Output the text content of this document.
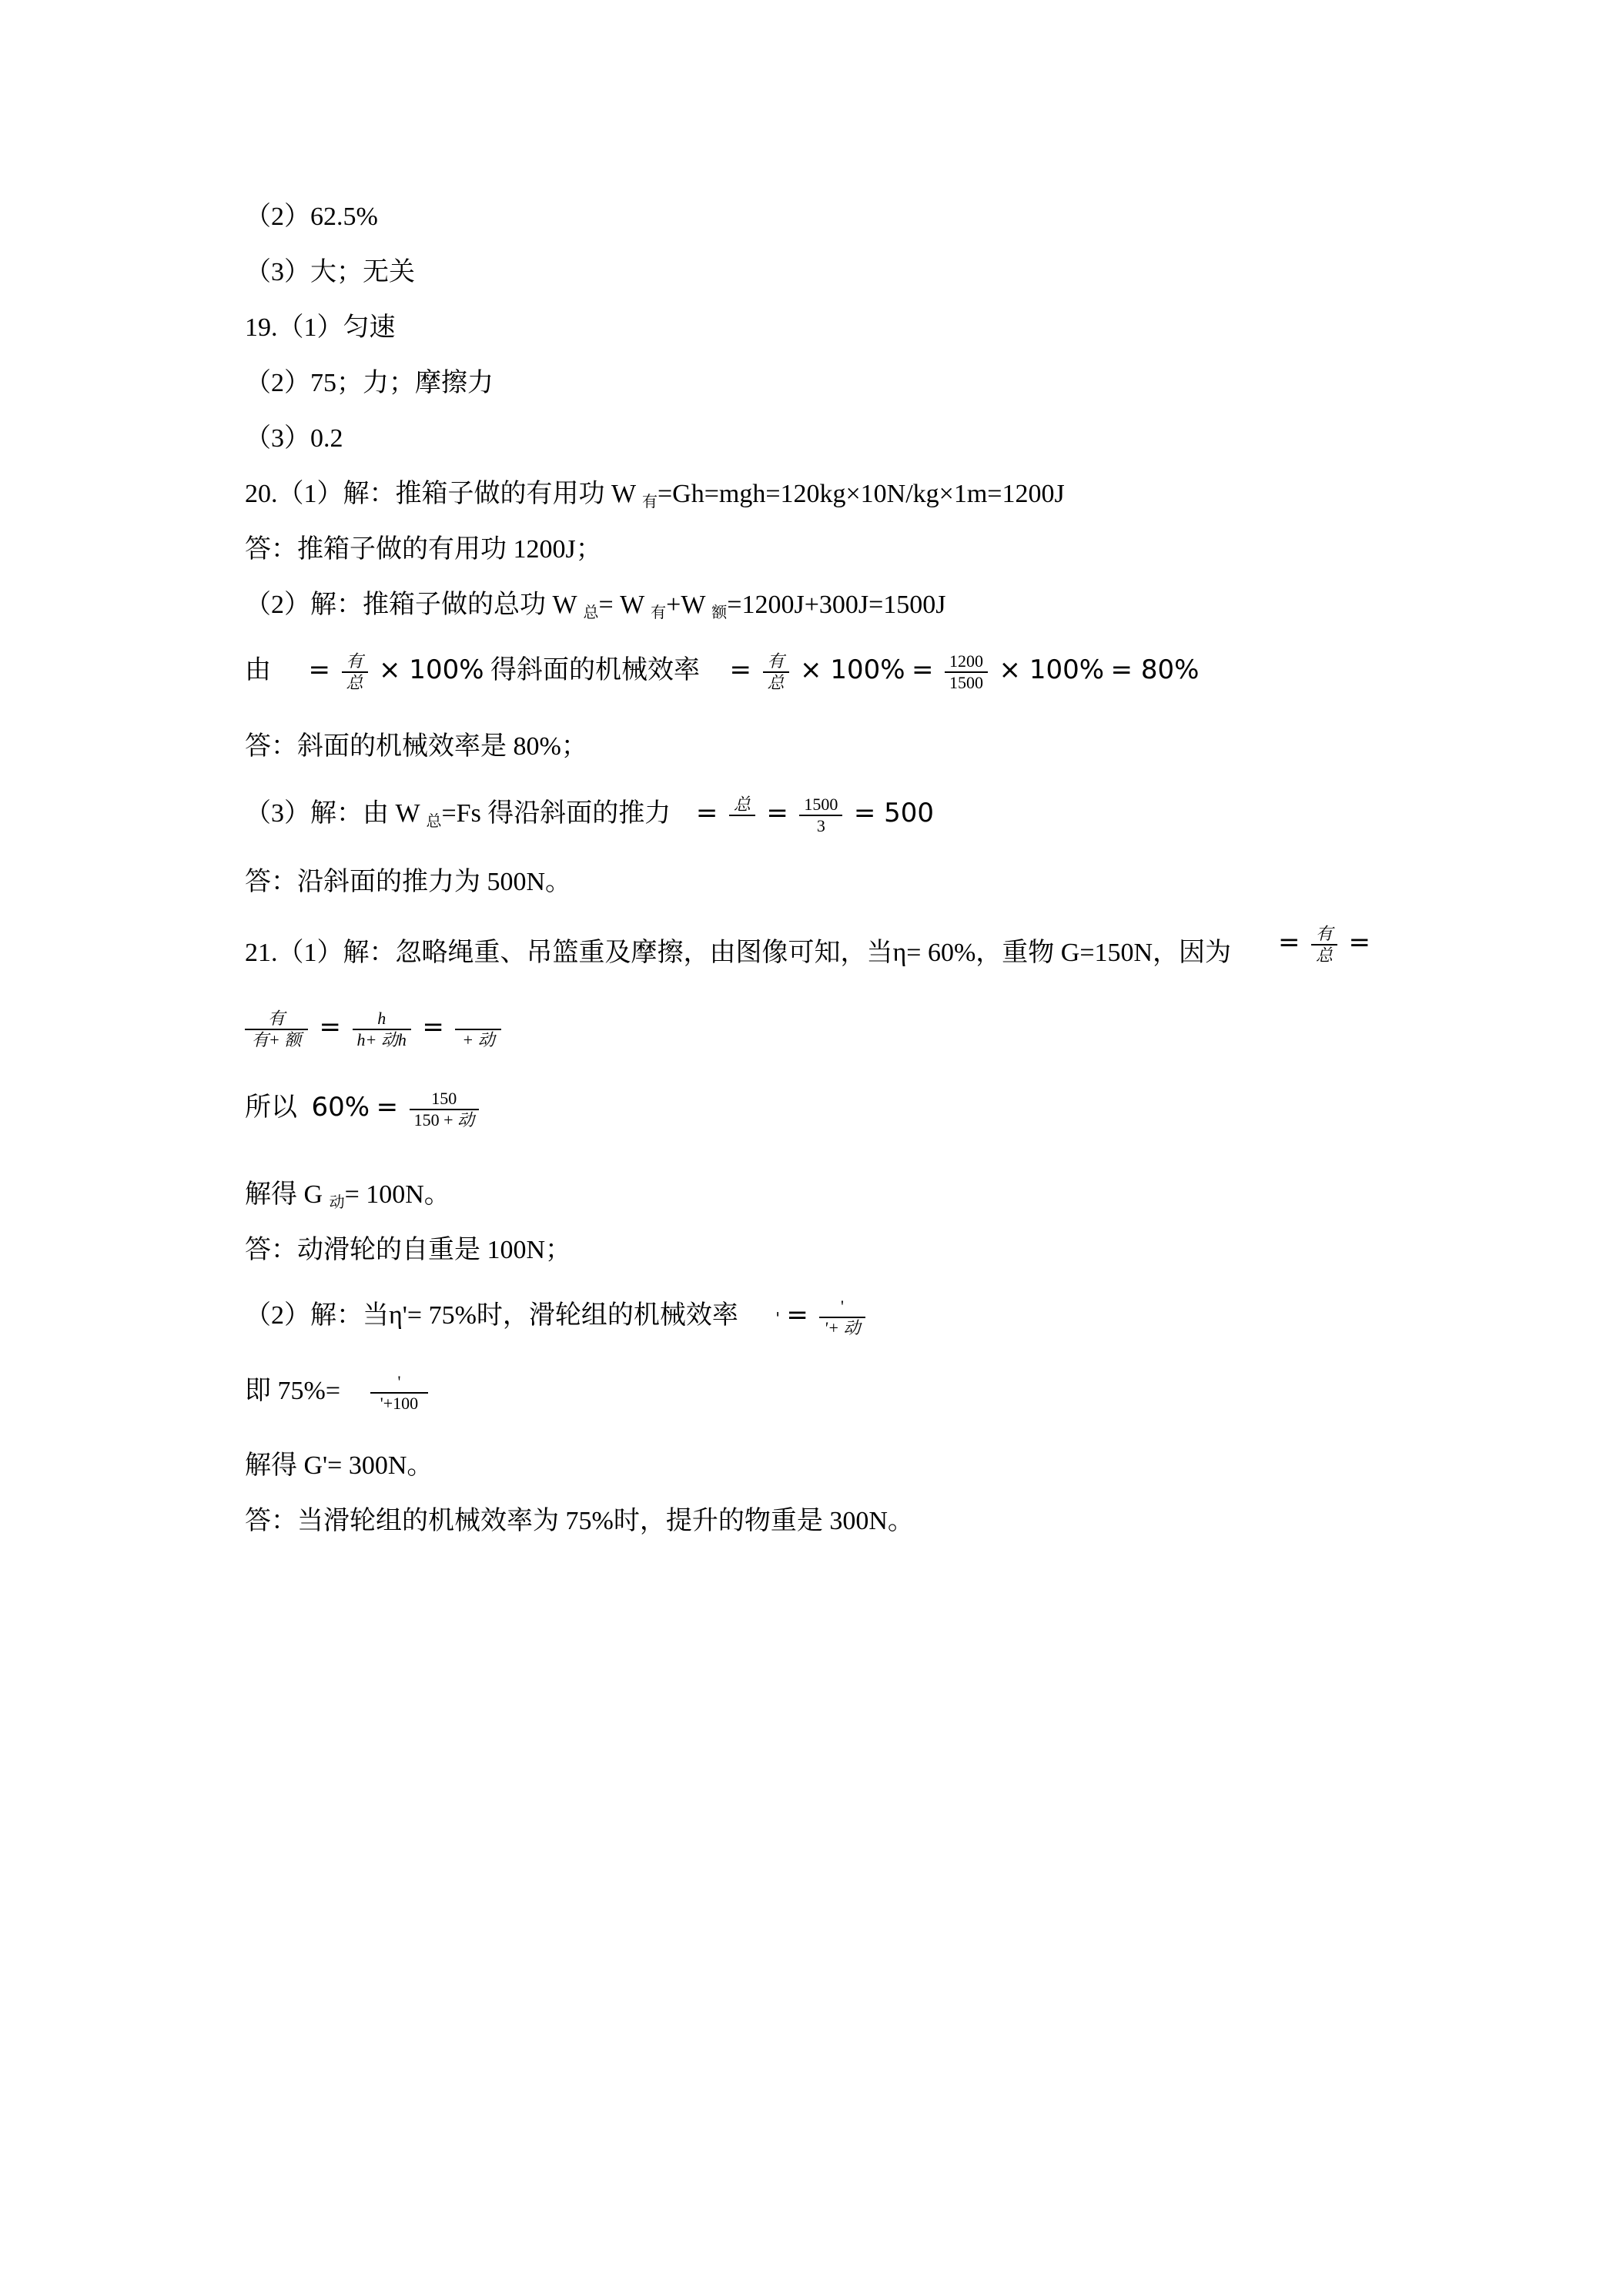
（2）62.5%
（3）大；无关
19.（1）匀速
（2）75；力；摩擦力
（3）0.2
20.（1）解：推箱子做的有用功 W $_有$=Gh=mgh=120kg×10N/kg×1m=1200J
答：推箱子做的有用功 1200J；
（2）解：推箱子做的总功 W $_总$= W $_有$+W $_额$=1200J+300J=1500J
由 = $\frac{\text{有}}{\text{总}} \times 100\%$ 得斜面的机械效率 = $\frac{\text{有}}{\text{总}} \times 100\% = \frac{1200}{1500} \times 100\% = 80\%$
答：斜面的机械效率是 80%；
（3）解：由 W $_总$=Fs 得沿斜面的推力 = 总 = $\frac{1500}{3} = 500$
答：沿斜面的推力为 500N。
21.（1）解：忽略绳重、吊篮重及摩擦，由图像可知，当η= 60%，重物 G=150N，因为 = $\frac{\text{有}}{\text{总}}$ =
$\frac{\text{有}}{\text{有+ 额}} = \frac{h}{\text{h+ 动h}}$ =	+ 动
所以 $60\% = \frac{150}{\text{150 + 动}}$
解得 G $_动$= 100N。
答：动滑轮的自重是 100N；
（2）解：当η'= 75%时，滑轮组的机械效率 ' = $\frac{'}{\text{'+ 动}}$
即 $75\%= \frac{'}{'+100}$
解得 G'= 300N。
答：当滑轮组的机械效率为 75%时，提升的物重是 300N。
